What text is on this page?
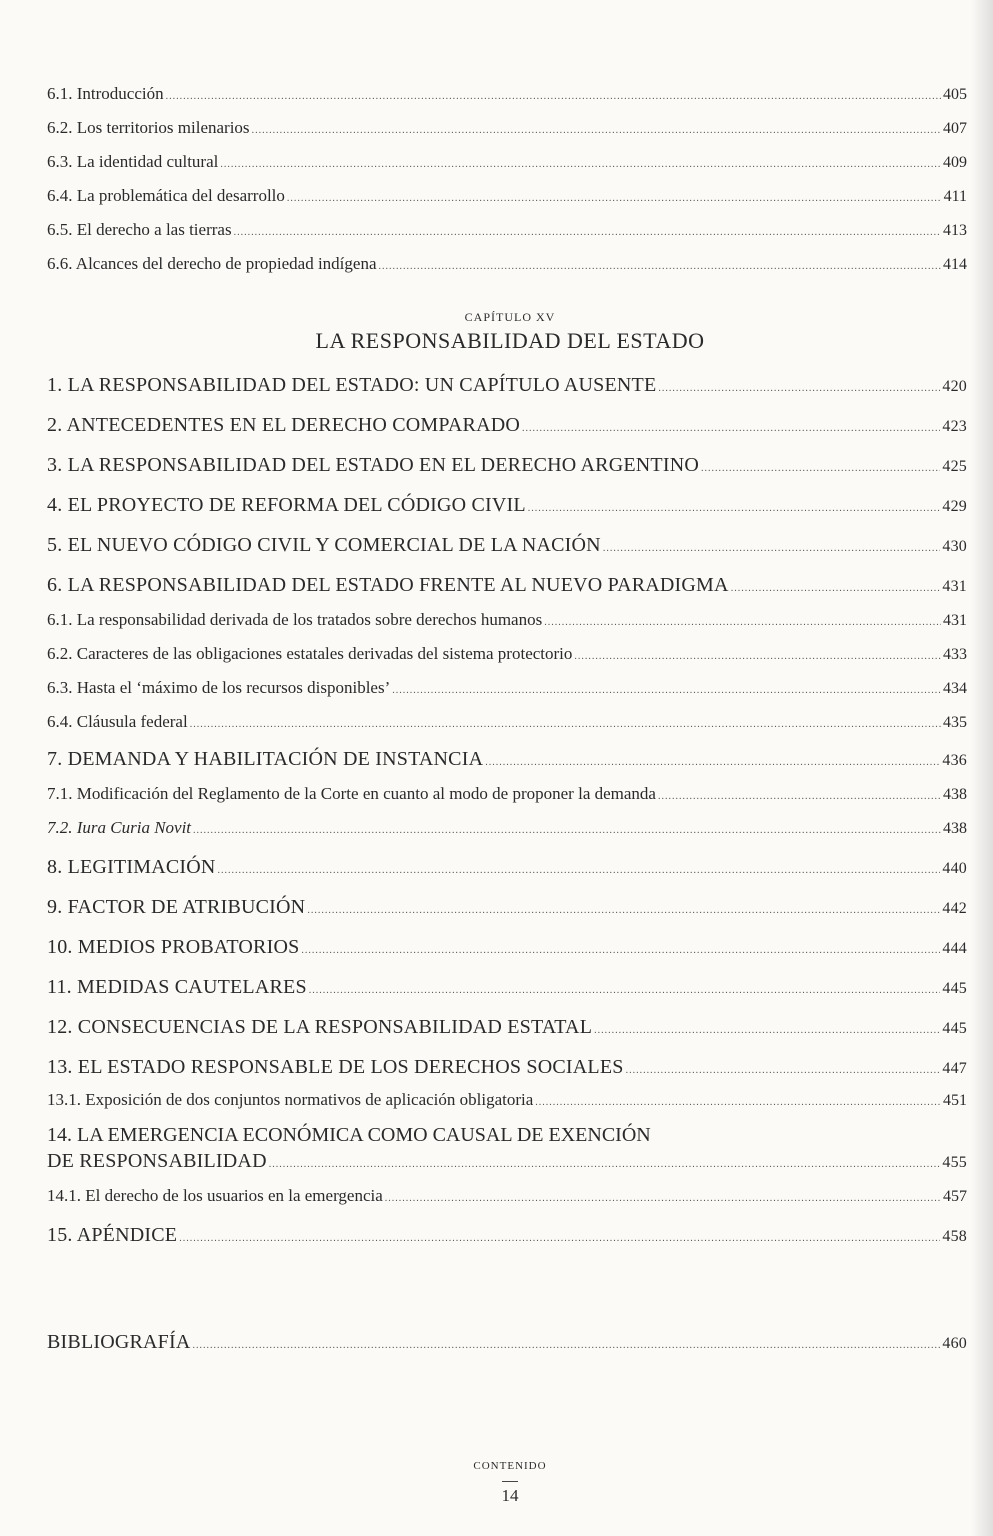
6.1. Introducción .....	405
6.2. Los territorios milenarios .....	407
6.3. La identidad cultural .....	409
6.4. La problemática del desarrollo .....	411
6.5. El derecho a las tierras .....	413
6.6. Alcances del derecho de propiedad indígena .....	414
CAPÍTULO XV
LA RESPONSABILIDAD DEL ESTADO
1. LA RESPONSABILIDAD DEL ESTADO: UN CAPÍTULO AUSENTE .....	420
2. ANTECEDENTES EN EL DERECHO COMPARADO .....	423
3. LA RESPONSABILIDAD DEL ESTADO EN EL DERECHO ARGENTINO .....	425
4. EL PROYECTO DE REFORMA DEL CÓDIGO CIVIL .....	429
5. EL NUEVO CÓDIGO CIVIL Y COMERCIAL DE LA NACIÓN .....	430
6. LA RESPONSABILIDAD DEL ESTADO FRENTE AL NUEVO PARADIGMA .....	431
6.1. La responsabilidad derivada de los tratados sobre derechos humanos .....	431
6.2. Caracteres de las obligaciones estatales derivadas del sistema protectorio .....	433
6.3. Hasta el ‘máximo de los recursos disponibles’ .....	434
6.4. Cláusula federal .....	435
7. DEMANDA Y HABILITACIÓN DE INSTANCIA .....	436
7.1. Modificación del Reglamento de la Corte en cuanto al modo de proponer la demanda .....	438
7.2. Iura Curia Novit .....	438
8. LEGITIMACIÓN .....	440
9. FACTOR DE ATRIBUCIÓN .....	442
10. MEDIOS PROBATORIOS .....	444
11. MEDIDAS CAUTELARES .....	445
12. CONSECUENCIAS DE LA RESPONSABILIDAD ESTATAL .....	445
13. EL ESTADO RESPONSABLE DE LOS DERECHOS SOCIALES .....	447
13.1. Exposición de dos conjuntos normativos de aplicación obligatoria .....	451
14. LA EMERGENCIA ECONÓMICA COMO CAUSAL DE EXENCIÓN
DE RESPONSABILIDAD .....	455
14.1. El derecho de los usuarios en la emergencia .....	457
15. APÉNDICE .....	458
BIBLIOGRAFÍA .....	460
CONTENIDO
14
